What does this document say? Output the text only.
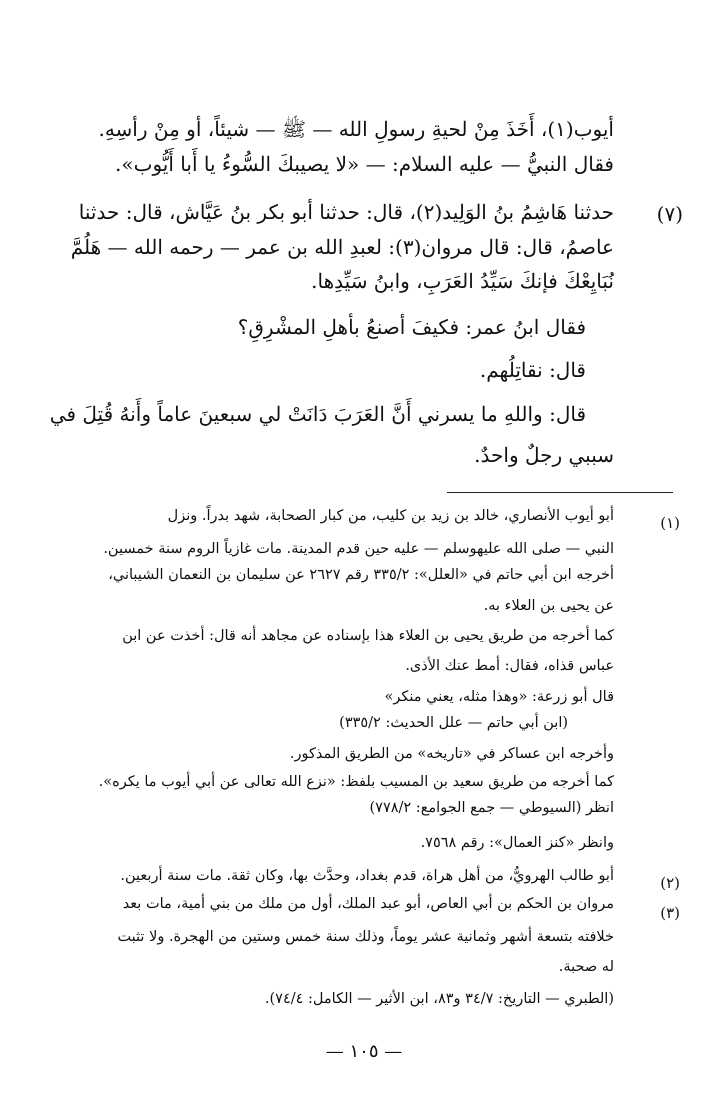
أيوب(١)، أَخَذَ مِنْ لحيةِ رسولِ الله — ﷺ — شيئاً، أو مِنْ رأسِهِ.
فقال النبيُّ — عليه السلام: — «لا يصيبكَ السُّوءُ يا أَبا أَيُّوب».
(٧)
حدثنا هَاشِمُ بنُ الوَلِيد(٢)، قال: حدثنا أبو بكر بنُ عَيَّاش، قال: حدثنا
عاصمُ، قال: قال مروان(٣): لعبدِ الله بن عمر — رحمه الله — هَلُمَّ
نُبَايِعْكَ فإنكَ سَيِّدُ العَرَبِ، وابنُ سَيِّدِها.
فقال ابنُ عمر: فكيفَ أصنعُ بأهلِ المشْرِقِ؟
قال: نقاتِلُهم.
قال: واللهِ ما يسرني أَنَّ العَرَبَ دَانَتْ لي سبعينَ عاماً وأَنهُ قُتِلَ في
سببي رجلٌ واحدٌ.
(١)
أبو أيوب الأنصاري، خالد بن زيد بن كليب، من كبار الصحابة، شهد بدراً. ونزل
النبي — صلى الله عليهوسلم — عليه حين قدم المدينة. مات غازياً الروم سنة خمسين.
أخرجه ابن أبي حاتم في «العلل»: ٣٣٥/٢ رقم ٢٦٢٧ عن سليمان بن النعمان الشيباني،
عن يحيى بن العلاء به.
كما أخرجه من طريق يحيى بن العلاء هذا بإسناده عن مجاهد أنه قال: أخذت عن ابن
عباس قذاه، فقال: أمط عنك الأذى.
قال أبو زرعة: «وهذا مثله، يعني منكر»
(ابن أبي حاتم — علل الحديث: ٣٣٥/٢)
وأخرجه ابن عساكر في «تاريخه» من الطريق المذكور.
كما أخرجه من طريق سعيد بن المسيب بلفظ: «نزع الله تعالى عن أبي أيوب ما يكره».
انظر (السيوطي — جمع الجوامع: ٧٧٨/٢)
وانظر «كنز العمال»: رقم ٧٥٦٨.
(٢)
أبو طالب الهرويُّ، من أهل هراة، قدم بغداد، وحدَّث بها، وكان ثقة. مات سنة أربعين.
(٣)
مروان بن الحكم بن أبي العاص، أبو عبد الملك، أول من ملك من بني أمية، مات بعد
خلافته بتسعة أشهر وثمانية عشر يوماً، وذلك سنة خمس وستين من الهجرة. ولا تثبت
له صحبة.
(الطبري — التاريخ: ٣٤/٧ و٨٣، ابن الأثير — الكامل: ٧٤/٤).
— ١٠٥ —
